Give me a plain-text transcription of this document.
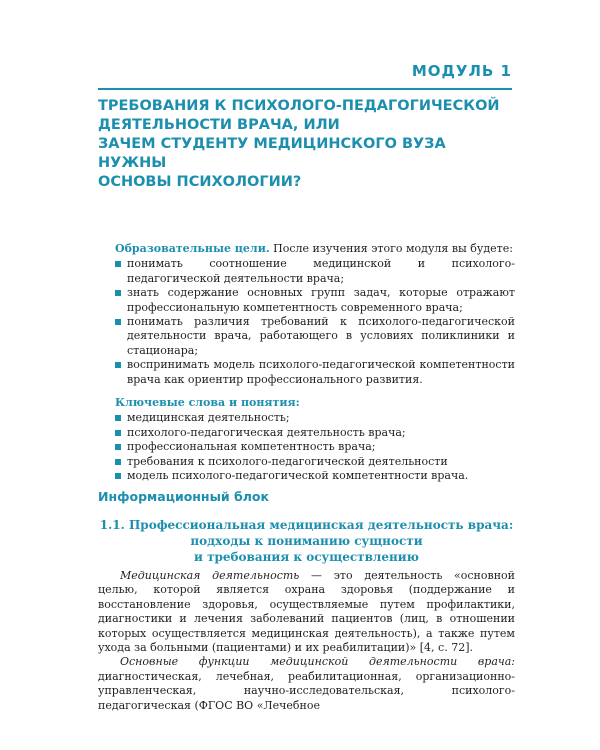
МОДУЛЬ 1
ТРЕБОВАНИЯ К ПСИХОЛОГО-ПЕДАГОГИЧЕСКОЙ
ДЕЯТЕЛЬНОСТИ ВРАЧА, ИЛИ
ЗАЧЕМ СТУДЕНТУ МЕДИЦИНСКОГО ВУЗА НУЖНЫ
ОСНОВЫ ПСИХОЛОГИИ?

Образовательные цели. После изучения этого модуля вы будете:

понимать соотношение медицинской и психолого-педагогической деятельности врача;
знать содержание основных групп задач, которые отражают профессиональную компетентность современного врача;
понимать различия требований к психолого-педагогической деятельности врача, работающего в условиях поликлиники и стационара;
воспринимать модель психолого-педагогической компетентности врача как ориентир профессионального развития.

Ключевые слова и понятия:

медицинская деятельность;
психолого-педагогическая деятельность врача;
профессиональная компетентность врача;
требования к психолого-педагогической деятельности
модель психолого-педагогической компетентности врача.
Информационный блок
1.1. Профессиональная медицинская деятельность врача:
подходы к пониманию сущности
и требования к осуществлению

Медицинская деятельность — это деятельность «основной целью, которой является охрана здоровья (поддержание и восстановление здоровья, осуществляемые путем профилактики, диагностики и лечения заболеваний пациентов (лиц, в отношении которых осуществляется медицинская деятельность), а также путем ухода за больными (пациентами) и их реабилитации)» [4, с. 72].

Основные функции медицинской деятельности врача: диагностическая, лечебная, реабилитационная, организационно-управленческая, научно-исследовательская, психолого-педагогическая (ФГОС ВО «Лечебное
